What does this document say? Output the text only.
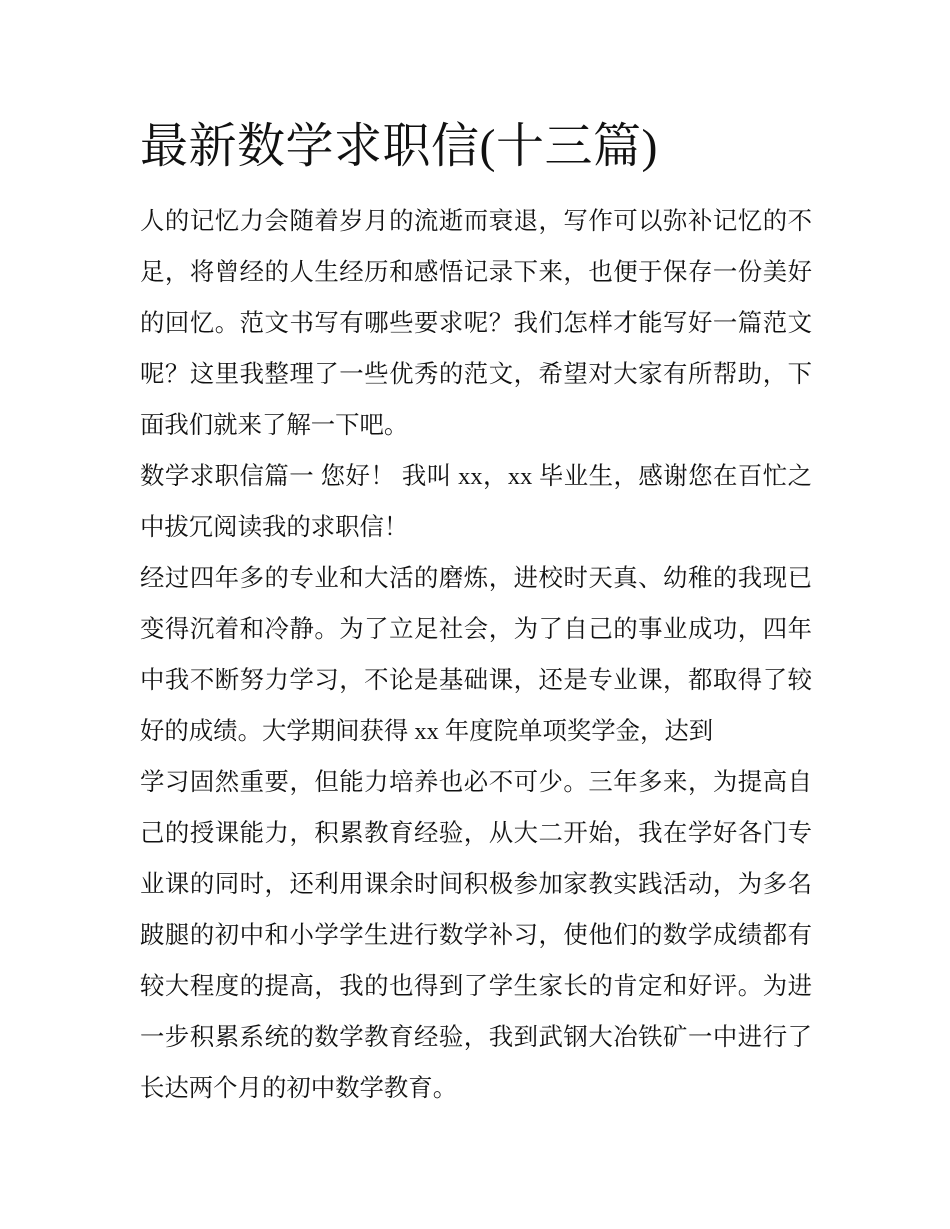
最新数学求职信(十三篇)

人的记忆力会随着岁月的流逝而衰退，写作可以弥补记忆的不足，将曾经的人生经历和感悟记录下来，也便于保存一份美好的回忆。范文书写有哪些要求呢？我们怎样才能写好一篇范文呢？这里我整理了一些优秀的范文，希望对大家有所帮助，下面我们就来了解一下吧。

数学求职信篇一 您好！ 我叫 xx，xx 毕业生，感谢您在百忙之中拔冗阅读我的求职信！

经过四年多的专业和大活的磨炼，进校时天真、幼稚的我现已变得沉着和冷静。为了立足社会，为了自己的事业成功，四年中我不断努力学习，不论是基础课，还是专业课，都取得了较好的成绩。大学期间获得 xx 年度院单项奖学金，达到

学习固然重要，但能力培养也必不可少。三年多来，为提高自己的授课能力，积累教育经验，从大二开始，我在学好各门专业课的同时，还利用课余时间积极参加家教实践活动，为多名跛腿的初中和小学学生进行数学补习，使他们的数学成绩都有较大程度的提高，我的也得到了学生家长的肯定和好评。为进一步积累系统的数学教育经验，我到武钢大冶铁矿一中进行了长达两个月的初中数学教育。
